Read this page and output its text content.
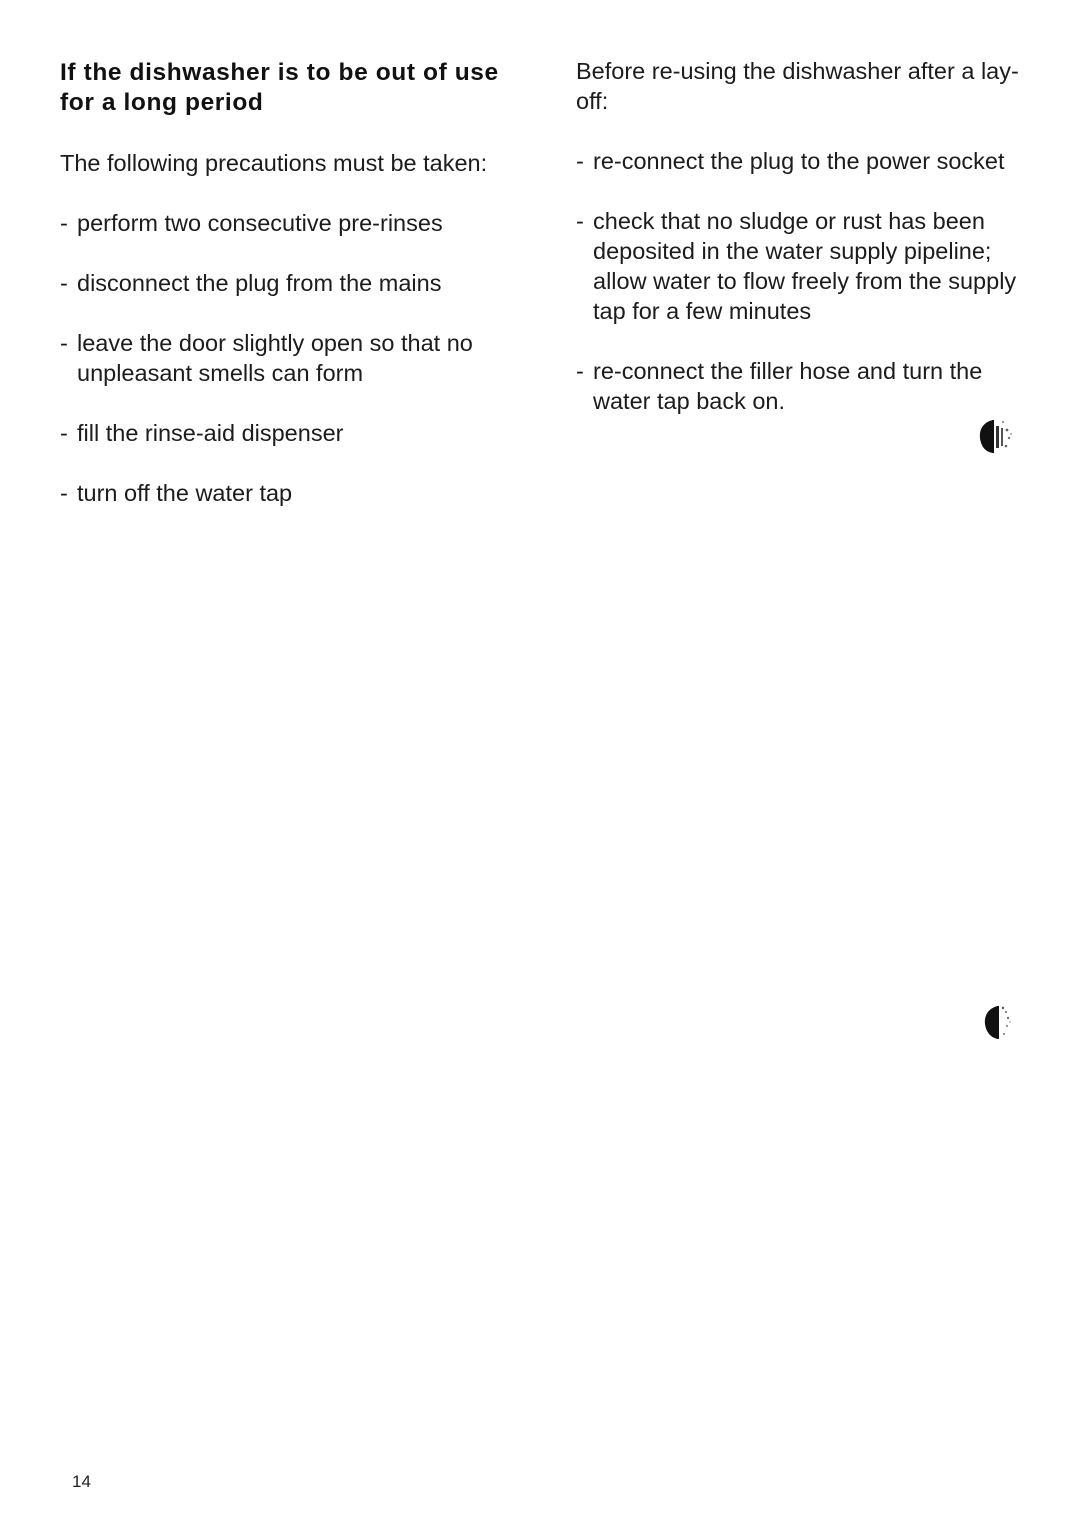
If the dishwasher is to be out of use for a long period

The following precautions must be taken:

- perform two consecutive pre-rinses
- disconnect the plug from the mains
- leave the door slightly open so that no unpleasant smells can form
- fill the rinse-aid dispenser
- turn off the water tap

Before re-using the dishwasher after a lay-off:

- re-connect the plug to the power socket
- check that no sludge or rust has been deposited in the water supply pipeline; allow water to flow freely from the supply tap for a few minutes
- re-connect the filler hose and turn the water tap back on.
14
